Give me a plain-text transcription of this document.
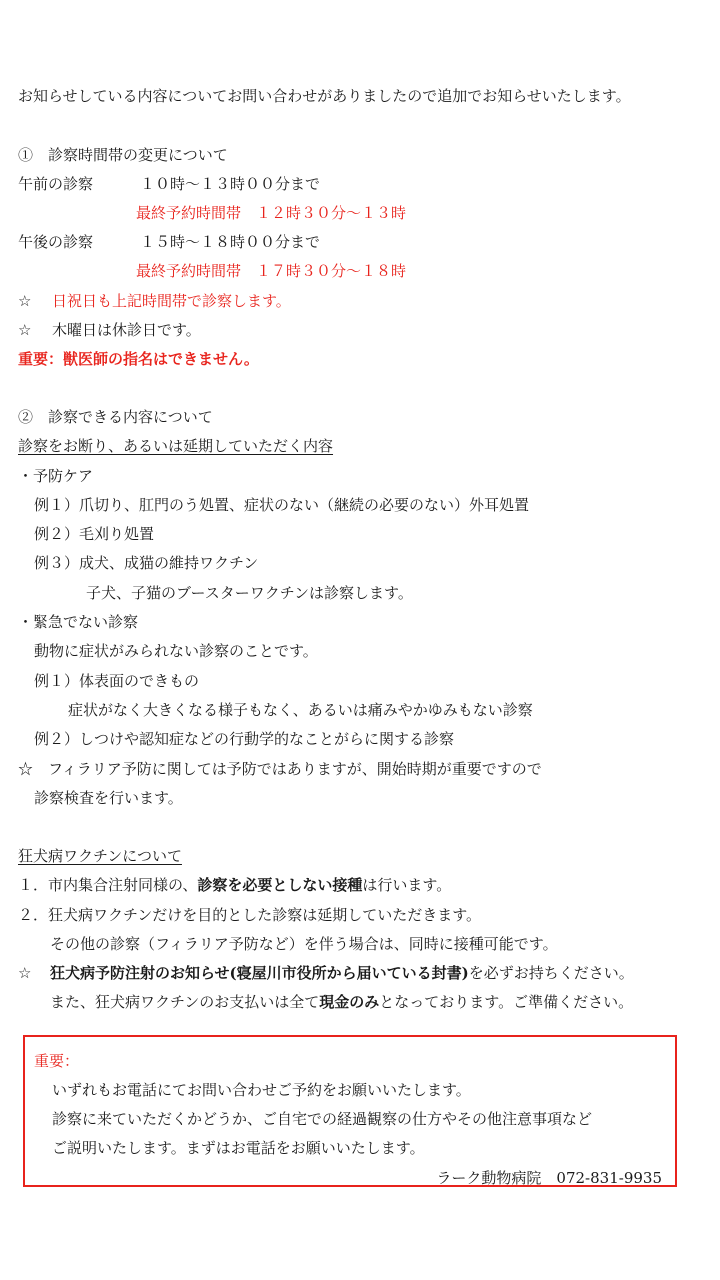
お知らせしている内容についてお問い合わせがありましたので追加でお知らせいたします。
①　診察時間帯の変更について
午前の診察	１０時～１３時００分まで
最終予約時間帯　１２時３０分～１３時
午後の診察	１５時～１８時００分まで
最終予約時間帯　１７時３０分～１８時
☆ 日祝日も上記時間帯で診察します。
☆ 木曜日は休診日です。
重要：獣医師の指名はできません。
②　診察できる内容について
診察をお断り、あるいは延期していただく内容
・予防ケア
例１）爪切り、肛門のう処置、症状のない（継続の必要のない）外耳処置
例２）毛刈り処置
例３）成犬、成猫の維持ワクチン
子犬、子猫のブースターワクチンは診察します。
・緊急でない診察
動物に症状がみられない診察のことです。
例１）体表面のできもの
症状がなく大きくなる様子もなく、あるいは痛みやかゆみもない診察
例２）しつけや認知症などの行動学的なことがらに関する診察
☆　フィラリア予防に関しては予防ではありますが、開始時期が重要ですので
診察検査を行います。
狂犬病ワクチンについて
１．市内集合注射同様の、診察を必要としない接種は行います。
２．狂犬病ワクチンだけを目的とした診察は延期していただきます。
その他の診察（フィラリア予防など）を伴う場合は、同時に接種可能です。
☆ 狂犬病予防注射のお知らせ(寝屋川市役所から届いている封書)を必ずお持ちください。
また、狂犬病ワクチンのお支払いは全て現金のみとなっております。ご準備ください。
重要：
いずれもお電話にてお問い合わせご予約をお願いいたします。
診察に来ていただくかどうか、ご自宅での経過観察の仕方やその他注意事項など
ご説明いたします。まずはお電話をお願いいたします。
ラーク動物病院　072-831-9935
